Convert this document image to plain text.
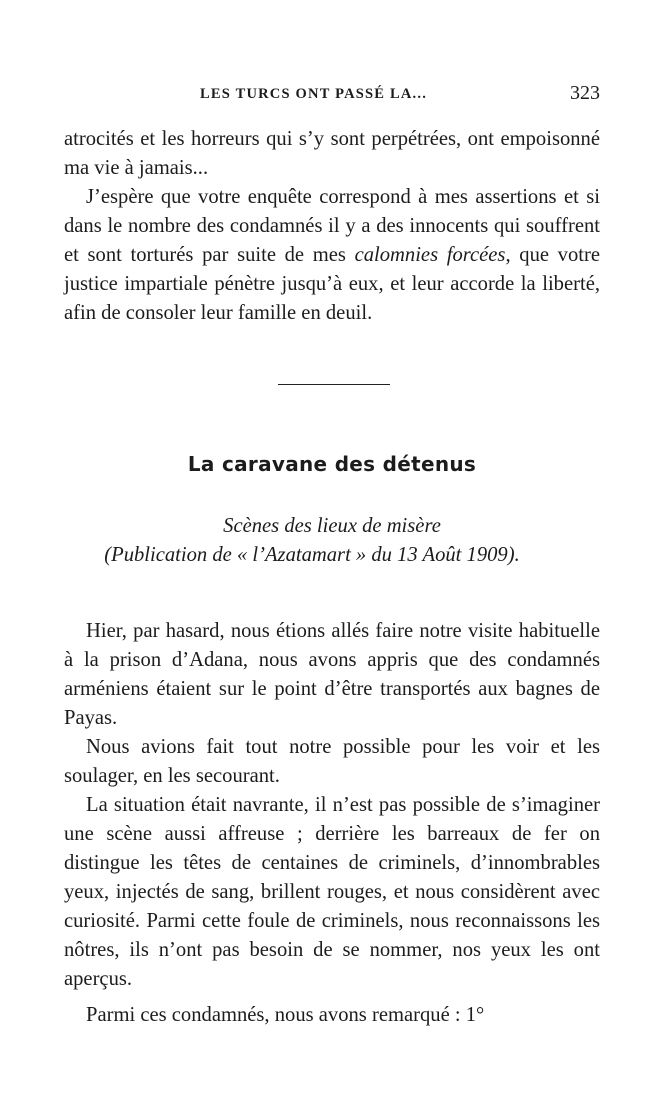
LES TURCS ONT PASSÉ LA...	323

atrocités et les horreurs qui s’y sont perpétrées, ont empoisonné ma vie à jamais...

J’espère que votre enquête correspond à mes assertions et si dans le nombre des condamnés il y a des innocents qui souffrent et sont torturés par suite de mes calomnies forcées, que votre justice impartiale pénètre jusqu’à eux, et leur accorde la liberté, afin de consoler leur famille en deuil.

La caravane des détenus
Scènes des lieux de misère
(Publication de « l’Azatamart » du 13 Août 1909).

Hier, par hasard, nous étions allés faire notre visite habituelle à la prison d’Adana, nous avons appris que des condamnés arméniens étaient sur le point d’être transportés aux bagnes de Payas.

Nous avions fait tout notre possible pour les voir et les soulager, en les secourant.

La situation était navrante, il n’est pas possible de s’imaginer une scène aussi affreuse ; derrière les barreaux de fer on distingue les têtes de centaines de criminels, d’innombrables yeux, injectés de sang, brillent rouges, et nous considèrent avec curiosité. Parmi cette foule de criminels, nous reconnaissons les nôtres, ils n’ont pas besoin de se nommer, nos yeux les ont aperçus.

Parmi ces condamnés, nous avons remarqué : 1°
